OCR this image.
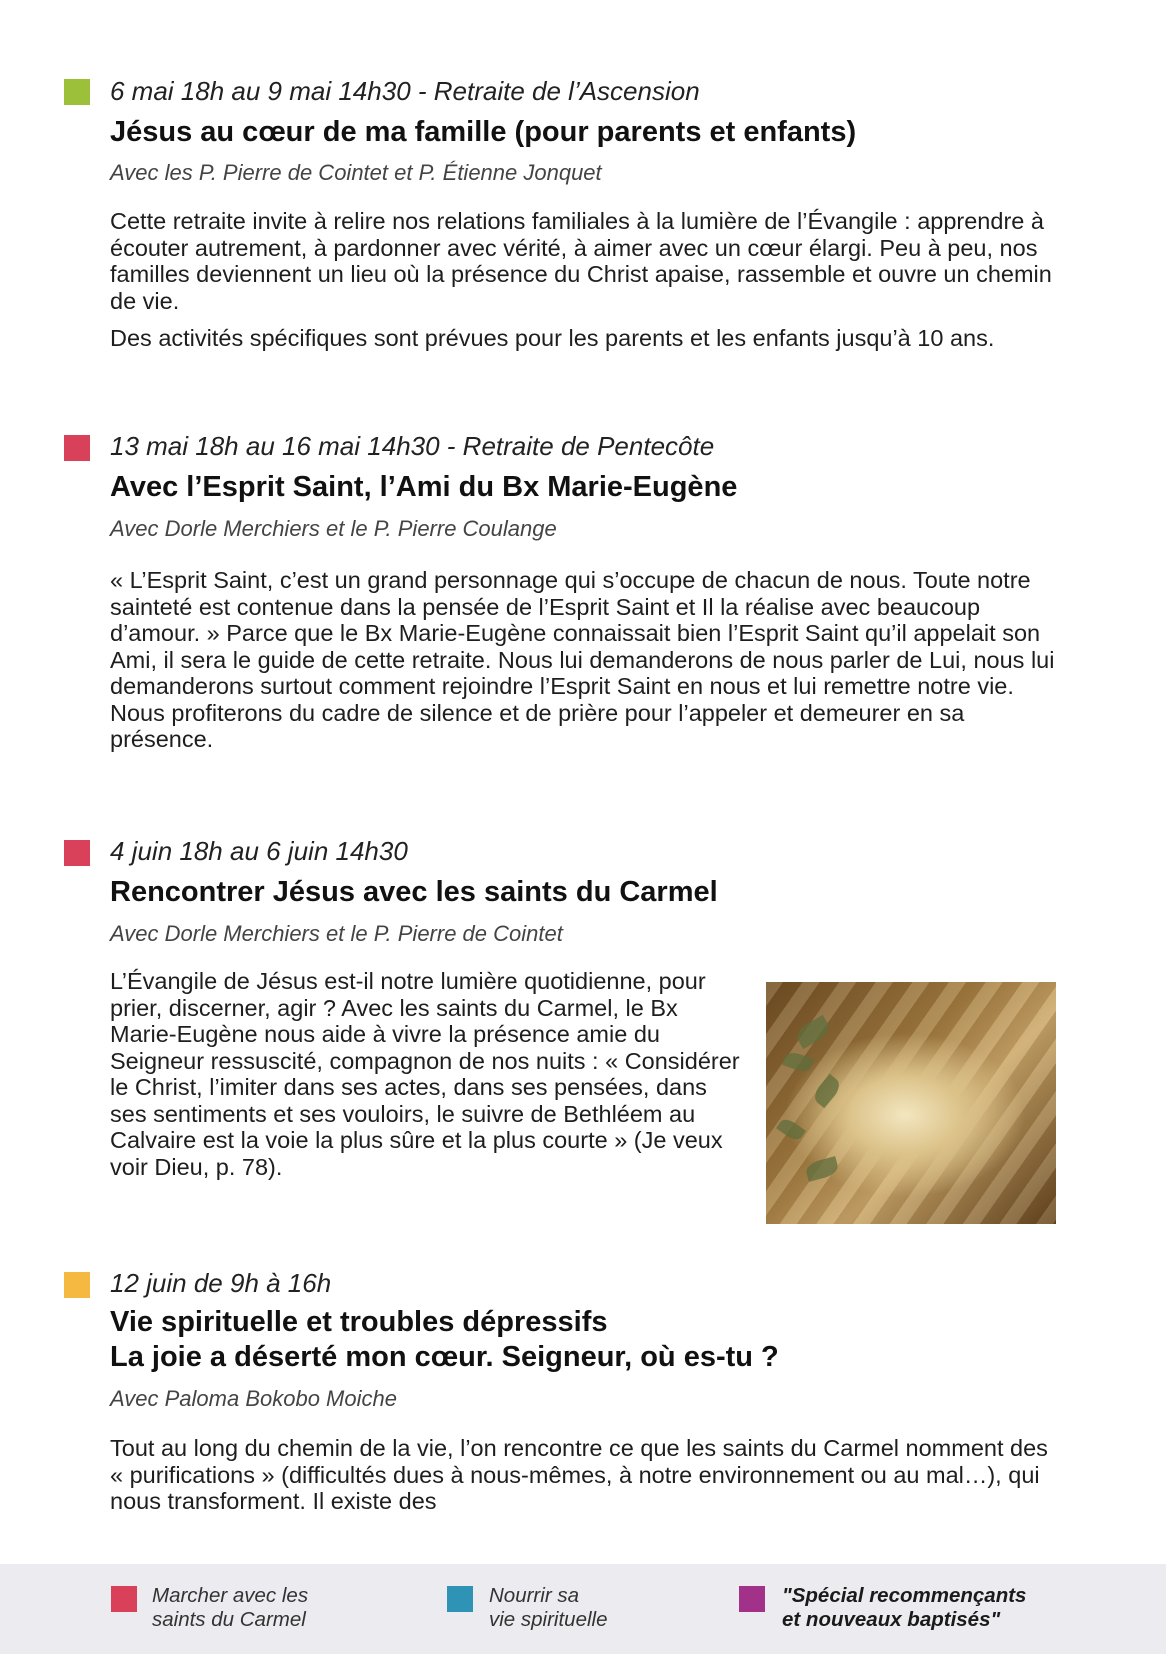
6 mai 18h au 9 mai 14h30 - Retraite de l’Ascension
Jésus au cœur de ma famille (pour parents et enfants)
Avec les P. Pierre de Cointet et P. Étienne Jonquet

Cette retraite invite à relire nos relations familiales à la lumière de l’Évangile : apprendre à écouter autrement, à pardonner avec vérité, à aimer avec un cœur élargi. Peu à peu, nos familles deviennent un lieu où la présence du Christ apaise, rassemble et ouvre un chemin de vie.

Des activités spécifiques sont prévues pour les parents et les enfants jusqu’à 10 ans.

13 mai 18h au 16 mai 14h30 - Retraite de Pentecôte
Avec l’Esprit Saint, l’Ami du Bx Marie-Eugène
Avec Dorle Merchiers et le P. Pierre Coulange

« L’Esprit Saint, c’est un grand personnage qui s’occupe de chacun de nous. Toute notre sainteté est contenue dans la pensée de l’Esprit Saint et Il la réalise avec beaucoup d’amour. » Parce que le Bx Marie-Eugène connaissait bien l’Esprit Saint qu’il appelait son Ami, il sera le guide de cette retraite. Nous lui demanderons de nous parler de Lui, nous lui demanderons surtout comment rejoindre l’Esprit Saint en nous et lui remettre notre vie. Nous profiterons du cadre de silence et de prière pour l’appeler et demeurer en sa présence.

4 juin 18h au 6 juin 14h30
Rencontrer Jésus avec les saints du Carmel
Avec Dorle Merchiers et le P. Pierre de Cointet

L’Évangile de Jésus est-il notre lumière quotidienne, pour prier, discerner, agir ? Avec les saints du Carmel, le Bx Marie-Eugène nous aide à vivre la présence amie du Seigneur ressuscité, compagnon de nos nuits : « Considérer le Christ, l’imiter dans ses actes, dans ses pensées, dans ses sentiments et ses vouloirs, le suivre de Bethléem au Calvaire est la voie la plus sûre et la plus courte » (Je veux voir Dieu, p. 78).

12 juin de 9h à 16h
Vie spirituelle et troubles dépressifs
La joie a déserté mon cœur. Seigneur, où es-tu ?
Avec Paloma Bokobo Moiche

Tout au long du chemin de la vie, l’on rencontre ce que les saints du Carmel nomment des « purifications » (difficultés dues à nous-mêmes, à notre environnement ou au mal…), qui nous transforment. Il existe des

Marcher avec les
saints du Carmel
Nourrir sa
vie spirituelle
"Spécial recommençants
et nouveaux baptisés"
